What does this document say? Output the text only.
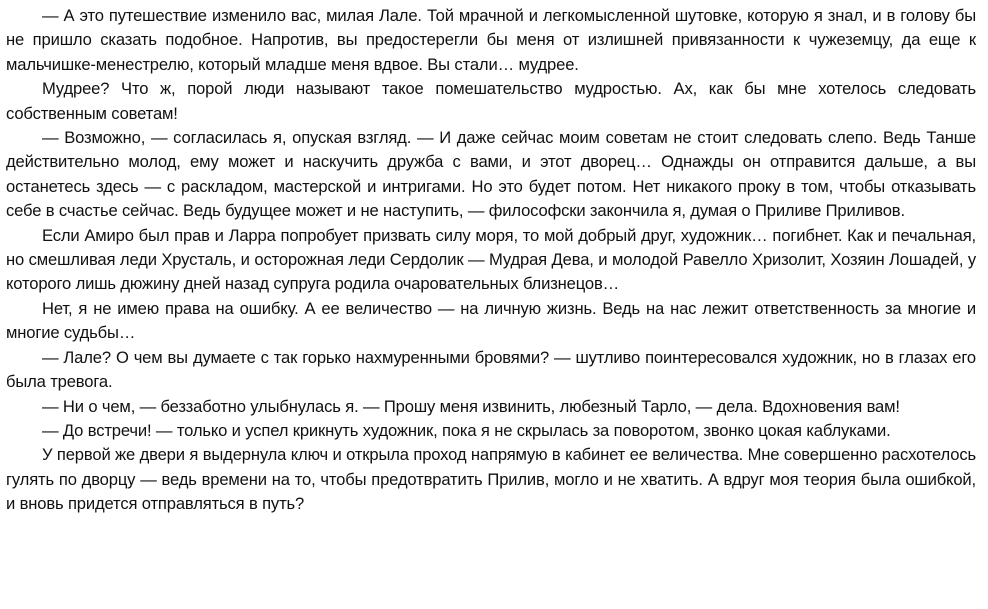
— А это путешествие изменило вас, милая Лале. Той мрачной и легкомысленной шутовке, которую я знал, и в голову бы не пришло сказать подобное. Напротив, вы предостерегли бы меня от излишней привязанности к чужеземцу, да еще к мальчишке-менестрелю, который младше меня вдвое. Вы стали… мудрее.

Мудрее? Что ж, порой люди называют такое помешательство мудростью. Ах, как бы мне хотелось следовать собственным советам!

— Возможно, — согласилась я, опуская взгляд. — И даже сейчас моим советам не стоит следовать слепо. Ведь Танше действительно молод, ему может и наскучить дружба с вами, и этот дворец… Однажды он отправится дальше, а вы останетесь здесь — с раскладом, мастерской и интригами. Но это будет потом. Нет никакого проку в том, чтобы отказывать себе в счастье сейчас. Ведь будущее может и не наступить, — философски закончила я, думая о Приливе Приливов.

Если Амиро был прав и Ларра попробует призвать силу моря, то мой добрый друг, художник… погибнет. Как и печальная, но смешливая леди Хрусталь, и осторожная леди Сердолик — Мудрая Дева, и молодой Равелло Хризолит, Хозяин Лошадей, у которого лишь дюжину дней назад супруга родила очаровательных близнецов…

Нет, я не имею права на ошибку. А ее величество — на личную жизнь. Ведь на нас лежит ответственность за многие и многие судьбы…

— Лале? О чем вы думаете с так горько нахмуренными бровями? — шутливо поинтересовался художник, но в глазах его была тревога.

— Ни о чем, — беззаботно улыбнулась я. — Прошу меня извинить, любезный Тарло, — дела. Вдохновения вам!

— До встречи! — только и успел крикнуть художник, пока я не скрылась за поворотом, звонко цокая каблуками.

У первой же двери я выдернула ключ и открыла проход напрямую в кабинет ее величества. Мне совершенно расхотелось гулять по дворцу — ведь времени на то, чтобы предотвратить Прилив, могло и не хватить. А вдруг моя теория была ошибкой, и вновь придется отправляться в путь?
